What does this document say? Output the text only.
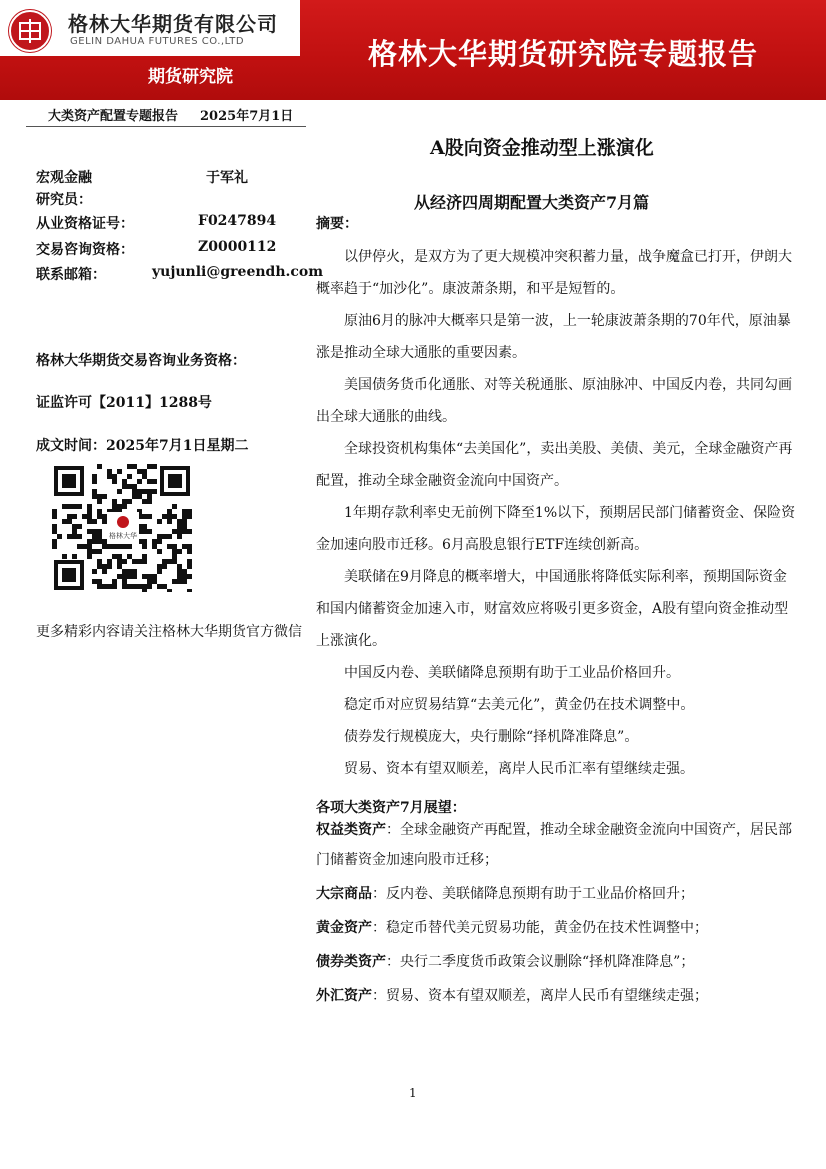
格林大华期货有限公司
GELIN DAHUA FUTURES CO.,LTD
期货研究院
格林大华期货研究院专题报告
大类资产配置专题报告 2025年7月1日
宏观金融	于军礼
研究员：
从业资格证号：	F0247894
交易咨询资格：	Z0000112
联系邮箱：	yujunli@greendh.com
格林大华期货交易咨询业务资格：
证监许可【2011】1288号
成文时间：2025年7月1日星期二
格林大华
更多精彩内容请关注格林大华期货官方微信
A股向资金推动型上涨演化
从经济四周期配置大类资产7月篇
摘要：

以伊停火，是双方为了更大规模冲突积蓄力量，战争魔盒已打开，伊朗大概率趋于“加沙化”。康波萧条期，和平是短暂的。

原油6月的脉冲大概率只是第一波，上一轮康波萧条期的70年代，原油暴涨是推动全球大通胀的重要因素。

美国债务货币化通胀、对等关税通胀、原油脉冲、中国反内卷，共同勾画出全球大通胀的曲线。

全球投资机构集体“去美国化”，卖出美股、美债、美元，全球金融资产再配置，推动全球金融资金流向中国资产。

1年期存款利率史无前例下降至1%以下，预期居民部门储蓄资金、保险资金加速向股市迁移。6月高股息银行ETF连续创新高。

美联储在9月降息的概率增大，中国通胀将降低实际利率，预期国际资金和国内储蓄资金加速入市，财富效应将吸引更多资金，A股有望向资金推动型上涨演化。

中国反内卷、美联储降息预期有助于工业品价格回升。

稳定币对应贸易结算“去美元化”，黄金仍在技术调整中。

债券发行规模庞大，央行删除“择机降准降息”。

贸易、资本有望双顺差，离岸人民币汇率有望继续走强。

各项大类资产7月展望：

权益类资产：全球金融资产再配置，推动全球金融资金流向中国资产，居民部门储蓄资金加速向股市迁移；

大宗商品：反内卷、美联储降息预期有助于工业品价格回升；

黄金资产：稳定币替代美元贸易功能，黄金仍在技术性调整中；

债券类资产：央行二季度货币政策会议删除“择机降准降息”；

外汇资产：贸易、资本有望双顺差，离岸人民币有望继续走强；

1
